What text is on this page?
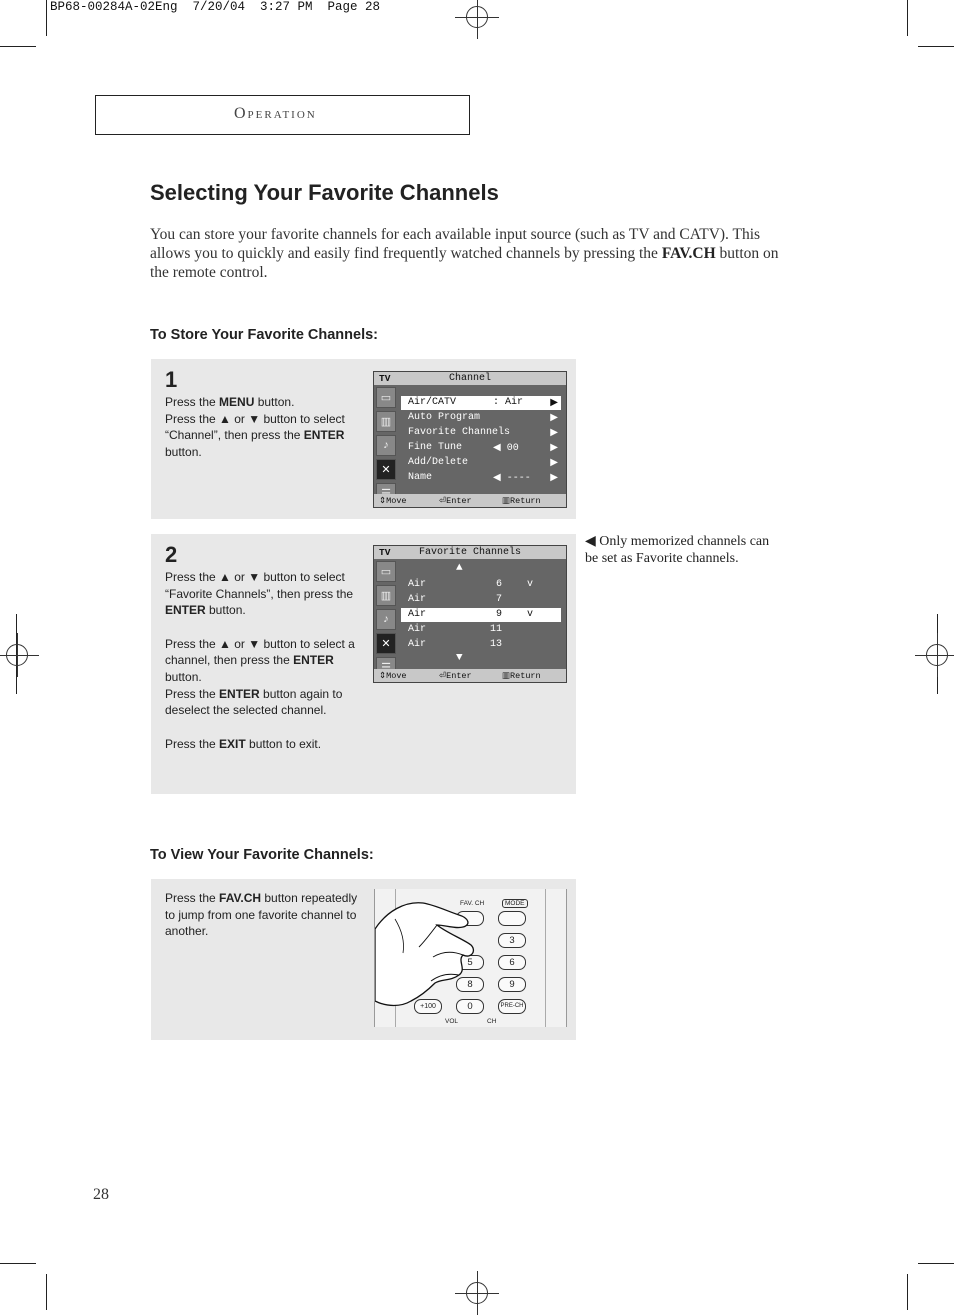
BP68-00284A-02Eng  7/20/04  3:27 PM  Page 28
Operation
Selecting Your Favorite Channels
You can store your favorite channels for each available input source (such as TV and CATV). This allows you to quickly and easily find frequently watched channels by pressing the FAV.CH button on the remote control.
To Store Your Favorite Channels:
1
Press the MENU button.
Press the ▲ or ▼ button to select “Channel”, then press the ENTER button.
TV	Channel
▭
▥
♪
✕
Air/CATV	: Air	▶
Auto Program	▶
Favorite Channels	▶
Fine Tune	◀ 00	▶
Add/Delete	▶
Name	◀ ---- ▶
⇕Move	⏎Enter	▥Return
2
Press the ▲ or ▼ button to select “Favorite Channels”, then press the ENTER button.
Press the ▲ or ▼ button to select a channel, then press the ENTER button.
Press the ENTER button again to deselect the selected channel.
Press the EXIT button to exit.
TV	Favorite Channels
▭
▥
♪
✕
▲
Air	6 v
Air	7
Air	9 v
Air	11
Air	13
▼
⇕Move	⏎Enter	▥Return
◀ Only memorized channels can be set as Favorite channels.
To View Your Favorite Channels:
Press the FAV.CH button repeatedly to jump from one favorite channel to another.
FAV. CH	MODE
3
5	6
8	9
+100	0	PRE-CH
VOL	CH
28
